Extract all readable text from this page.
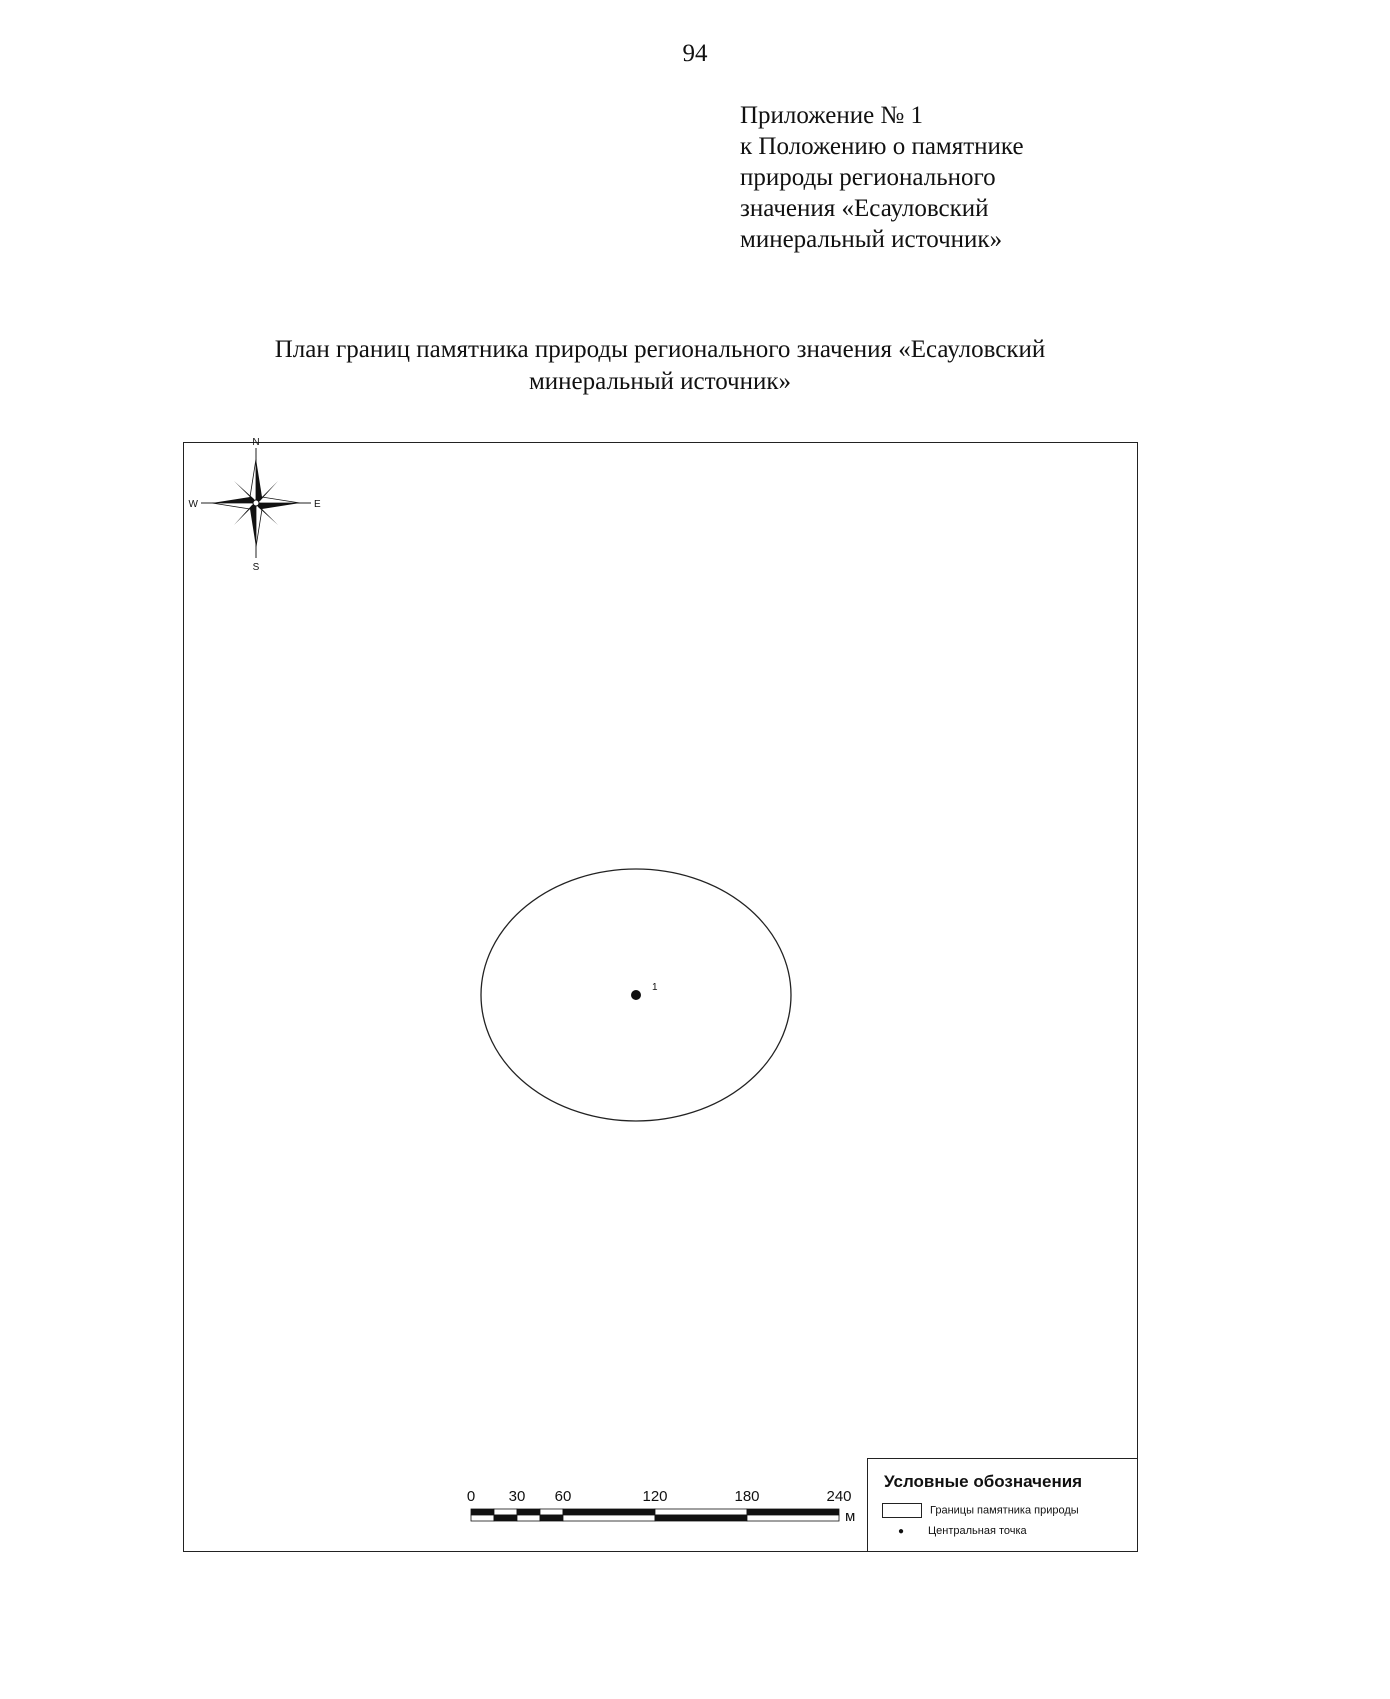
94
Приложение № 1
к Положению о памятнике
природы регионального
значения «Есауловский
минеральный источник»
План границ памятника природы регионального значения «Есауловский
минеральный источник»
N
S
W	E
1
0 30 60	120	180	240
м
Условные обозначения
Границы памятника природы
● Центральная точка
